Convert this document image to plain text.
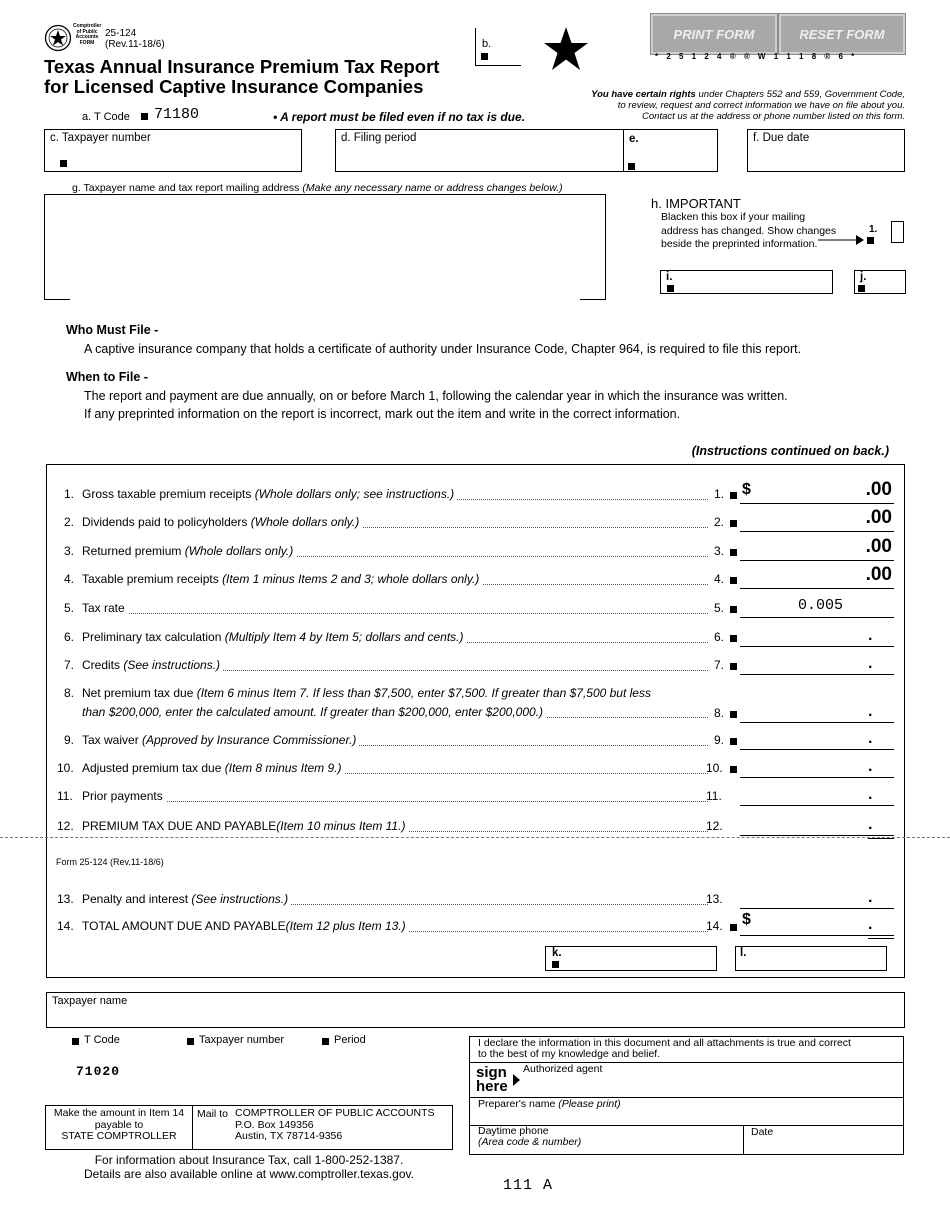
Comptroller
of Public
Accounts
FORM
25-124
(Rev.11-18/6)
Texas Annual Insurance Premium Tax Report
for Licensed Captive Insurance Companies
b.
PRINT FORM	RESET FORM
* 2 5 1 2 4 ® ® W 1 1 1 8 ® 6 *
You have certain rights under Chapters 552 and 559, Government Code,
to review, request and correct information we have on file about you.
Contact us at the address or phone number listed on this form.
a. T Code 71180	• A report must be filed even if no tax is due.
c. Taxpayer number	d. Filing period	e.	f. Due date
g. Taxpayer name and tax report mailing address (Make any necessary name or address changes below.)
h. IMPORTANT
Blacken this box if your mailing
address has changed. Show changes
beside the preprinted information.
1.
i.	j.
Who Must File -
A captive insurance company that holds a certificate of authority under Insurance Code, Chapter 964, is required to file this report.
When to File -
The report and payment are due annually, on or before March 1, following the calendar year in which the insurance was written.
If any preprinted information on the report is incorrect, mark out the item and write in the correct information.
(Instructions continued on back.)
Form 25-124 (Rev.11-18/6)
1. Gross taxable premium receipts (Whole dollars only; see instructions.)	1. $	.00
2. Dividends paid to policyholders (Whole dollars only.)	2.	.00
3. Returned premium (Whole dollars only.)	3.	.00
4. Taxable premium receipts (Item 1 minus Items 2 and 3; whole dollars only.)	4.	.00
5. Tax rate	5.	0.005
6. Preliminary tax calculation (Multiply Item 4 by Item 5; dollars and cents.)	6.	.
7. Credits (See instructions.)	7.	.
8. Net premium tax due (Item 6 minus Item 7. If less than $7,500, enter $7,500. If greater than $7,500 but less
than $200,000, enter the calculated amount. If greater than $200,000, enter $200,000.)	8.	.
9. Tax waiver (Approved by Insurance Commissioner.)	9.	.
10. Adjusted premium tax due (Item 8 minus Item 9.)	10.	.
11. Prior payments	11.	.
12. PREMIUM TAX DUE AND PAYABLE(Item 10 minus Item 11.)	12.	.
13. Penalty and interest (See instructions.)	13.	.
14. TOTAL AMOUNT DUE AND PAYABLE(Item 12 plus Item 13.)	14. $	.
k.	l.
Taxpayer name
T Code	Taxpayer number	Period
71020
Make the amount in Item 14
payable to
STATE COMPTROLLER
Mail to COMPTROLLER OF PUBLIC ACCOUNTS
P.O. Box 149356
Austin, TX 78714-9356
For information about Insurance Tax, call 1-800-252-1387.
Details are also available online at www.comptroller.texas.gov.
I declare the information in this document and all attachments is true and correct
to the best of my knowledge and belief.
sign
here
Authorized agent
Preparer's name (Please print)
Daytime phone
(Area code & number)
Date
111 A
